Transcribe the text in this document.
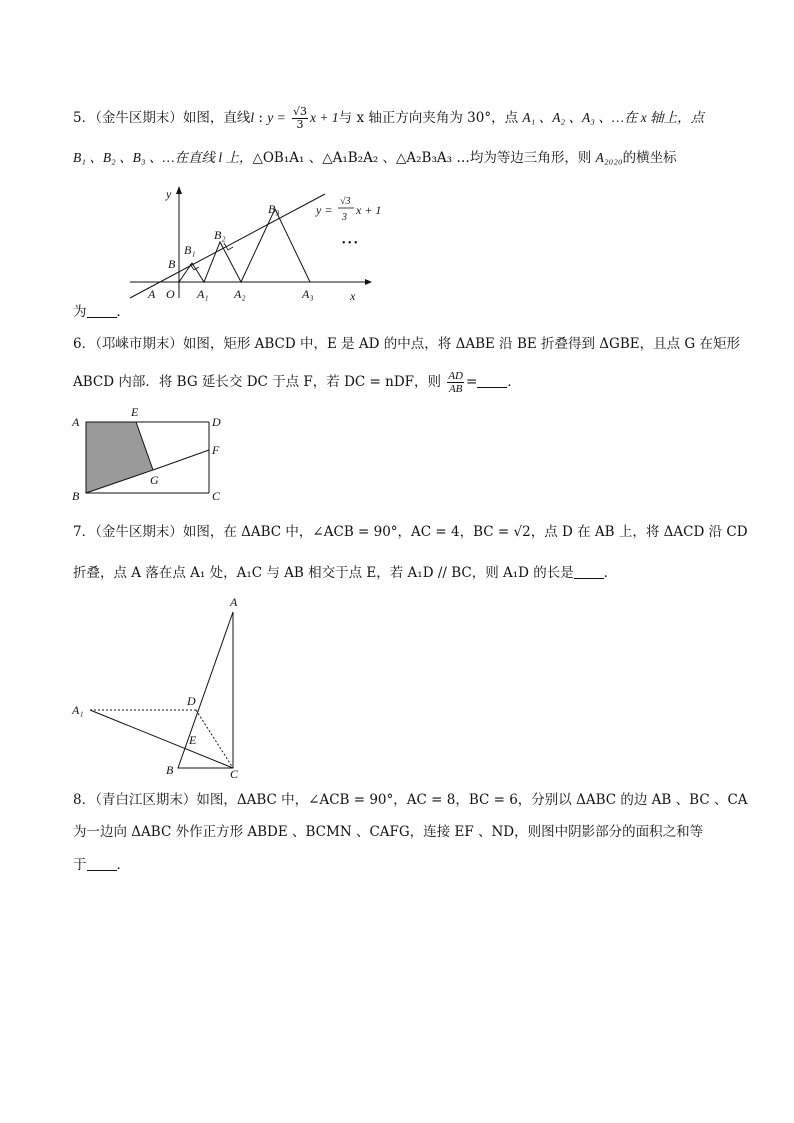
5．（金牛区期末）如图，直线l : $y = \frac{√3}{3}$ x + 1与 x 轴正方向夹角为 30°，点 A₁ 、A₂ 、A₃ 、…在 x 轴上，点
B₁ 、B₂ 、B₃ 、…在直线 l 上，△OB₁A₁ 、△A₁B₂A₂ 、△A₂B₃A₃ …均为等边三角形，则 A₂₀₂₀的横坐标
y
x
O
A
B
B₁
B₂
B₃
A₁ A₂	A₃
y =
√3
3
x + 1
• • •
为 ．
6．（邛崃市期末）如图，矩形 ABCD 中，E 是 AD 的中点，将 ΔABE 沿 BE 折叠得到 ΔGBE，且点 G 在矩形
ABCD 内部．将 BG 延长交 DC 于点 F，若 DC = nDF，则 $\frac{AD}{AB}$ = ．
A
E
D
F
G
B	C
7．（金牛区期末）如图，在 ΔABC 中，∠ACB = 90°，AC = 4，BC = √2，点 D 在 AB 上，将 ΔACD 沿 CD
折叠，点 A 落在点 A₁ 处，A₁C 与 AB 相交于点 E，若 A₁D // BC，则 A₁D 的长是 ．
A
A₁
D
E
B	C
8．（青白江区期末）如图，ΔABC 中，∠ACB = 90°，AC = 8，BC = 6，分别以 ΔABC 的边 AB 、BC 、CA
为一边向 ΔABC 外作正方形 ABDE 、BCMN 、CAFG，连接 EF 、ND，则图中阴影部分的面积之和等
于 ．
